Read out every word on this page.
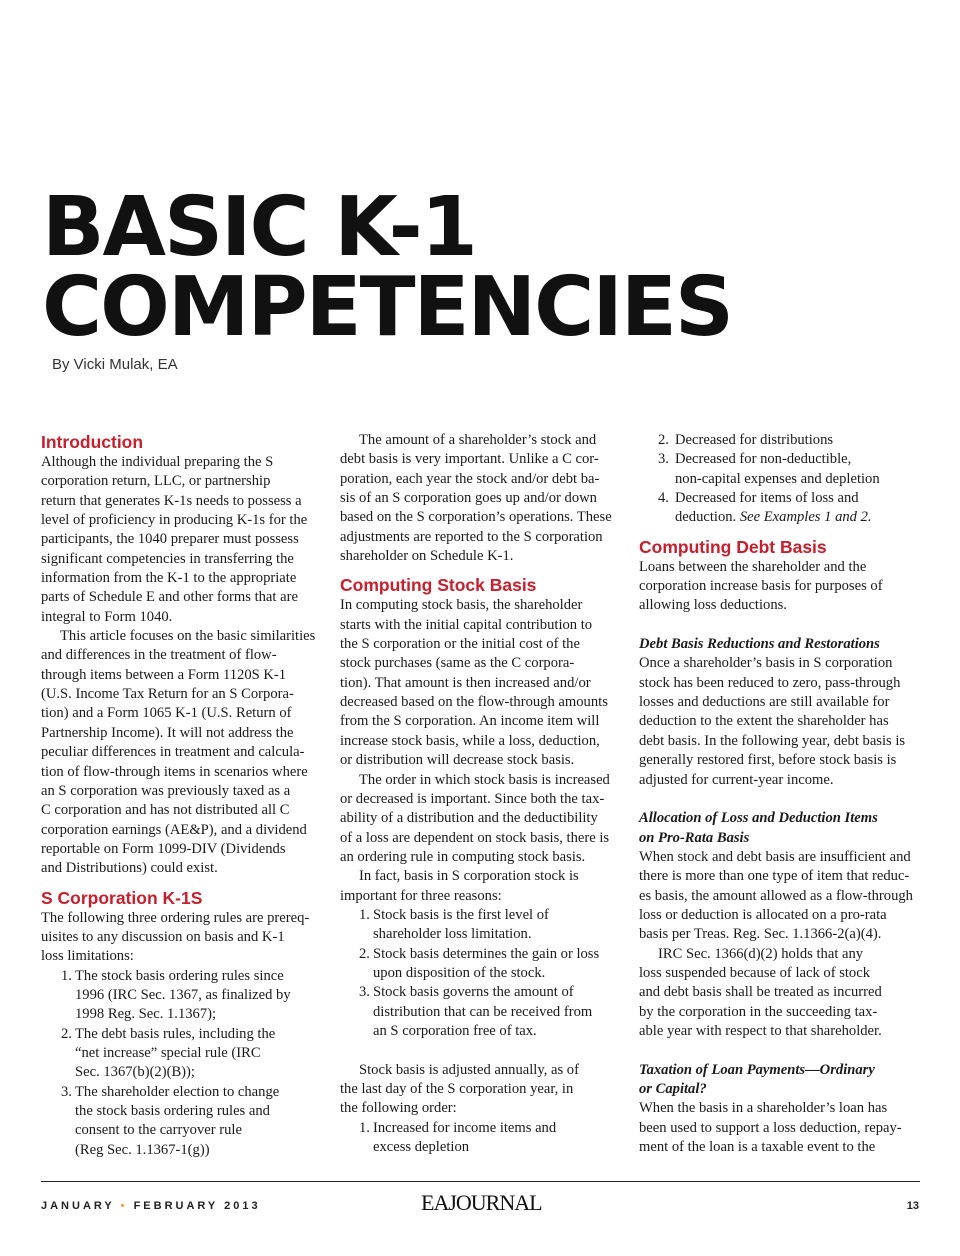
BASIC K-1
COMPETENCIES
By Vicki Mulak, EA
Introduction
Although the individual preparing the S
corporation return, LLC, or partnership
return that generates K-1s needs to possess a
level of proficiency in producing K-1s for the
participants, the 1040 preparer must possess
significant competencies in transferring the
information from the K-1 to the appropriate
parts of Schedule E and other forms that are
integral to Form 1040.
This article focuses on the basic similarities
and differences in the treatment of flow-
through items between a Form 1120S K-1
(U.S. Income Tax Return for an S Corpora-
tion) and a Form 1065 K-1 (U.S. Return of
Partnership Income). It will not address the
peculiar differences in treatment and calcula-
tion of flow-through items in scenarios where
an S corporation was previously taxed as a
C corporation and has not distributed all C
corporation earnings (AE&P), and a dividend
reportable on Form 1099-DIV (Dividends
and Distributions) could exist.
S Corporation K-1S
The following three ordering rules are prereq-
uisites to any discussion on basis and K-1
loss limitations:
1. The stock basis ordering rules since
1996 (IRC Sec. 1367, as finalized by
1998 Reg. Sec. 1.1367);
2. The debt basis rules, including the
“net increase” special rule (IRC
Sec. 1367(b)(2)(B));
3. The shareholder election to change
the stock basis ordering rules and
consent to the carryover rule
(Reg Sec. 1.1367-1(g))
The amount of a shareholder’s stock and
debt basis is very important. Unlike a C cor-
poration, each year the stock and/or debt ba-
sis of an S corporation goes up and/or down
based on the S corporation’s operations. These
adjustments are reported to the S corporation
shareholder on Schedule K-1.
Computing Stock Basis
In computing stock basis, the shareholder
starts with the initial capital contribution to
the S corporation or the initial cost of the
stock purchases (same as the C corpora-
tion). That amount is then increased and/or
decreased based on the flow-through amounts
from the S corporation. An income item will
increase stock basis, while a loss, deduction,
or distribution will decrease stock basis.
The order in which stock basis is increased
or decreased is important. Since both the tax-
ability of a distribution and the deductibility
of a loss are dependent on stock basis, there is
an ordering rule in computing stock basis.
In fact, basis in S corporation stock is
important for three reasons:
1. Stock basis is the first level of
shareholder loss limitation.
2. Stock basis determines the gain or loss
upon disposition of the stock.
3. Stock basis governs the amount of
distribution that can be received from
an S corporation free of tax.
Stock basis is adjusted annually, as of
the last day of the S corporation year, in
the following order:
1. Increased for income items and
excess depletion
2. Decreased for distributions
3. Decreased for non-deductible,
non-capital expenses and depletion
4. Decreased for items of loss and
deduction. See Examples 1 and 2.
Computing Debt Basis
Loans between the shareholder and the
corporation increase basis for purposes of
allowing loss deductions.
Debt Basis Reductions and Restorations
Once a shareholder’s basis in S corporation
stock has been reduced to zero, pass-through
losses and deductions are still available for
deduction to the extent the shareholder has
debt basis. In the following year, debt basis is
generally restored first, before stock basis is
adjusted for current-year income.
Allocation of Loss and Deduction Items
on Pro-Rata Basis
When stock and debt basis are insufficient and
there is more than one type of item that reduc-
es basis, the amount allowed as a flow-through
loss or deduction is allocated on a pro-rata
basis per Treas. Reg. Sec. 1.1366-2(a)(4).
IRC Sec. 1366(d)(2) holds that any
loss suspended because of lack of stock
and debt basis shall be treated as incurred
by the corporation in the succeeding tax-
able year with respect to that shareholder.
Taxation of Loan Payments—Ordinary
or Capital?
When the basis in a shareholder’s loan has
been used to support a loss deduction, repay-
ment of the loan is a taxable event to the
JANUARY • FEBRUARY 2013	EAJOURNAL	13
